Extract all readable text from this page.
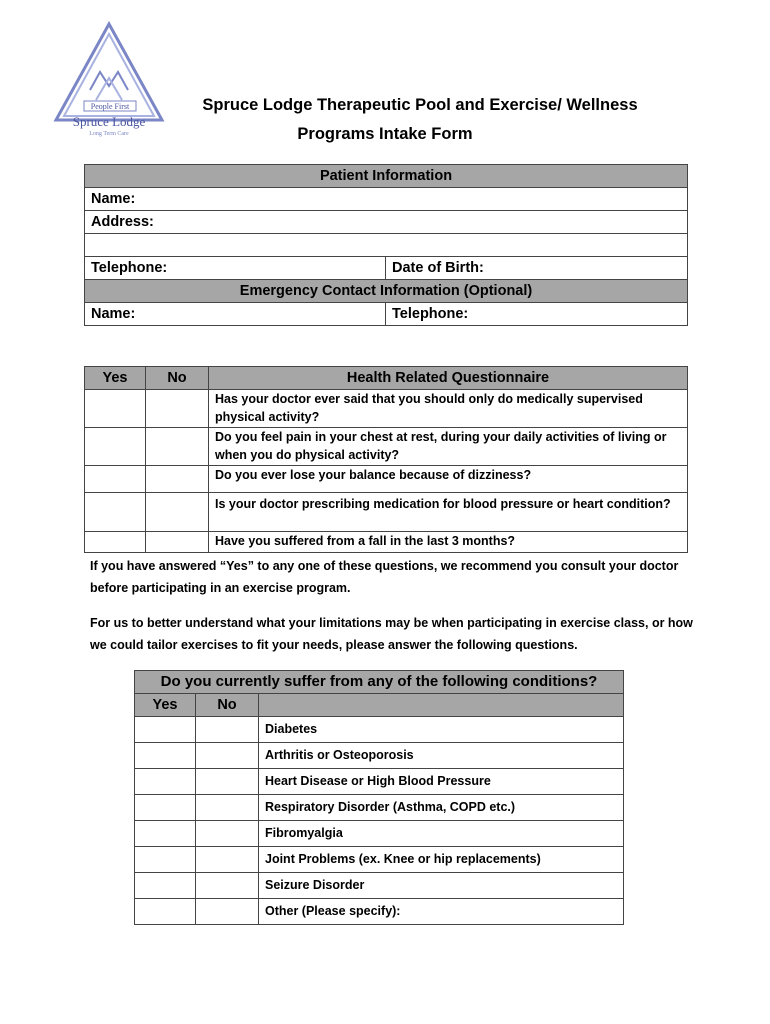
People First
Spruce Lodge
Long Term Care
Spruce Lodge Therapeutic Pool and Exercise/ Wellness
Programs Intake Form
Patient Information	
Name:	
Address:	

Telephone:	Date of Birth:
Emergency Contact Information (Optional)	
Name:	Telephone:
Yes	No	Health Related Questionnaire
		Has your doctor ever said that you should only do medically supervised physical activity?
		Do you feel pain in your chest at rest, during your daily activities of living or when you do physical activity?
		Do you ever lose your balance because of dizziness?
		Is your doctor prescribing medication for blood pressure or heart condition?
		Have you suffered from a fall in the last 3 months?
If you have answered “Yes” to any one of these questions, we recommend you consult your doctor before participating in an exercise program.
For us to better understand what your limitations may be when participating in exercise class, or how we could tailor exercises to fit your needs, please answer the following questions.
Do you currently suffer from any of the following conditions?		
Yes	No	
		Diabetes
		Arthritis or Osteoporosis
		Heart Disease or High Blood Pressure
		Respiratory Disorder (Asthma, COPD etc.)
		Fibromyalgia
		Joint Problems (ex. Knee or hip replacements)
		Seizure Disorder
		Other (Please specify):
